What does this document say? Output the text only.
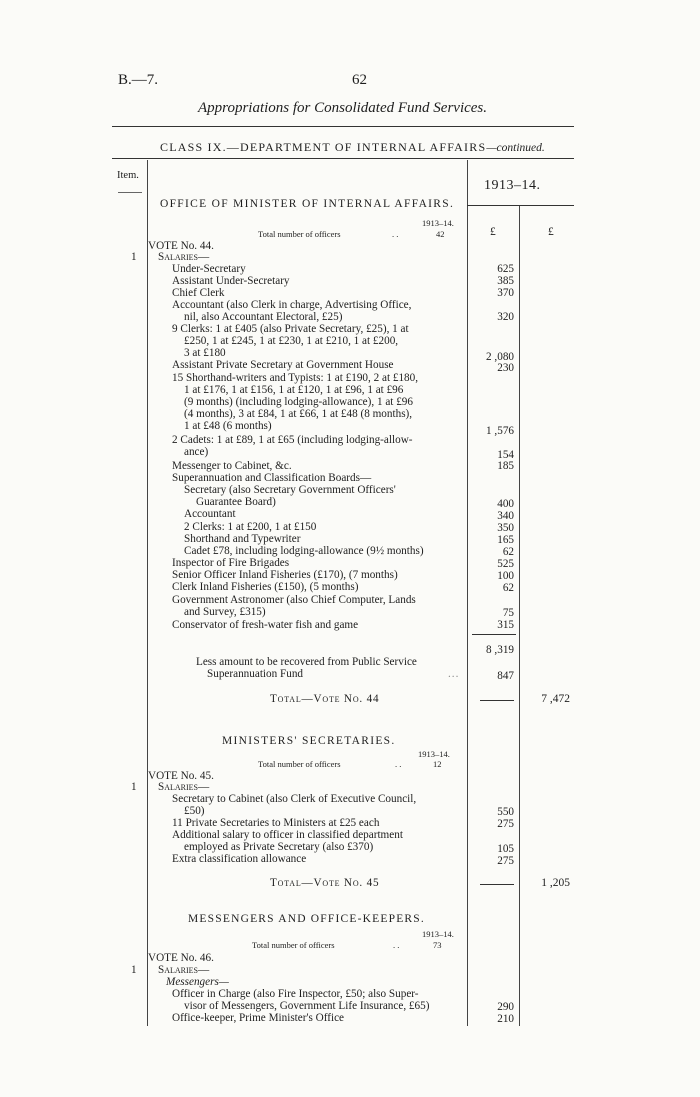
B.—7.	62
Appropriations for Consolidated Fund Services.
CLASS IX.—DEPARTMENT OF INTERNAL AFFAIRS—continued.
Item.
1913–14.
£	£
OFFICE OF MINISTER OF INTERNAL AFFAIRS.
1913–14.
Total number of officers	. .	42
VOTE No. 44.
1 Salaries—
Under-Secretary	625
Assistant Under-Secretary	385
Chief Clerk	370
Accountant (also Clerk in charge, Advertising Office,
nil, also Accountant Electoral, £25)	320
9 Clerks: 1 at £405 (also Private Secretary, £25), 1 at
£250, 1 at £245, 1 at £230, 1 at £210, 1 at £200,
3 at £180	2 ,080
Assistant Private Secretary at Government House	230
15 Shorthand-writers and Typists: 1 at £190, 2 at £180,
1 at £176, 1 at £156, 1 at £120, 1 at £96, 1 at £96
(9 months) (including lodging-allowance), 1 at £96
(4 months), 3 at £84, 1 at £66, 1 at £48 (8 months),
1 at £48 (6 months)	1 ,576
2 Cadets: 1 at £89, 1 at £65 (including lodging-allow-
ance)	154
Messenger to Cabinet, &c.	185
Superannuation and Classification Boards—
Secretary (also Secretary Government Officers'
Guarantee Board)	400
Accountant	340
2 Clerks: 1 at £200, 1 at £150	350
Shorthand and Typewriter	165
Cadet £78, including lodging-allowance (9½ months)	62
Inspector of Fire Brigades	525
Senior Officer Inland Fisheries (£170), (7 months)	100
Clerk Inland Fisheries (£150), (5 months)	62
Government Astronomer (also Chief Computer, Lands
and Survey, £315)	75
Conservator of fresh-water fish and game	315
8 ,319
Less amount to be recovered from Public Service
Superannuation Fund	...	847
Total—Vote No. 44	7 ,472
MINISTERS' SECRETARIES.
1913–14.
Total number of officers	. .	12
VOTE No. 45.
1 Salaries—
Secretary to Cabinet (also Clerk of Executive Council,
£50)	550
11 Private Secretaries to Ministers at £25 each	275
Additional salary to officer in classified department
employed as Private Secretary (also £370)	105
Extra classification allowance	275
Total—Vote No. 45	1 ,205
MESSENGERS AND OFFICE-KEEPERS.
1913–14.
Total number of officers	. .	73
VOTE No. 46.
1 Salaries—
Messengers—
Officer in Charge (also Fire Inspector, £50; also Super-
visor of Messengers, Government Life Insurance, £65)	290
Office-keeper, Prime Minister's Office	210
